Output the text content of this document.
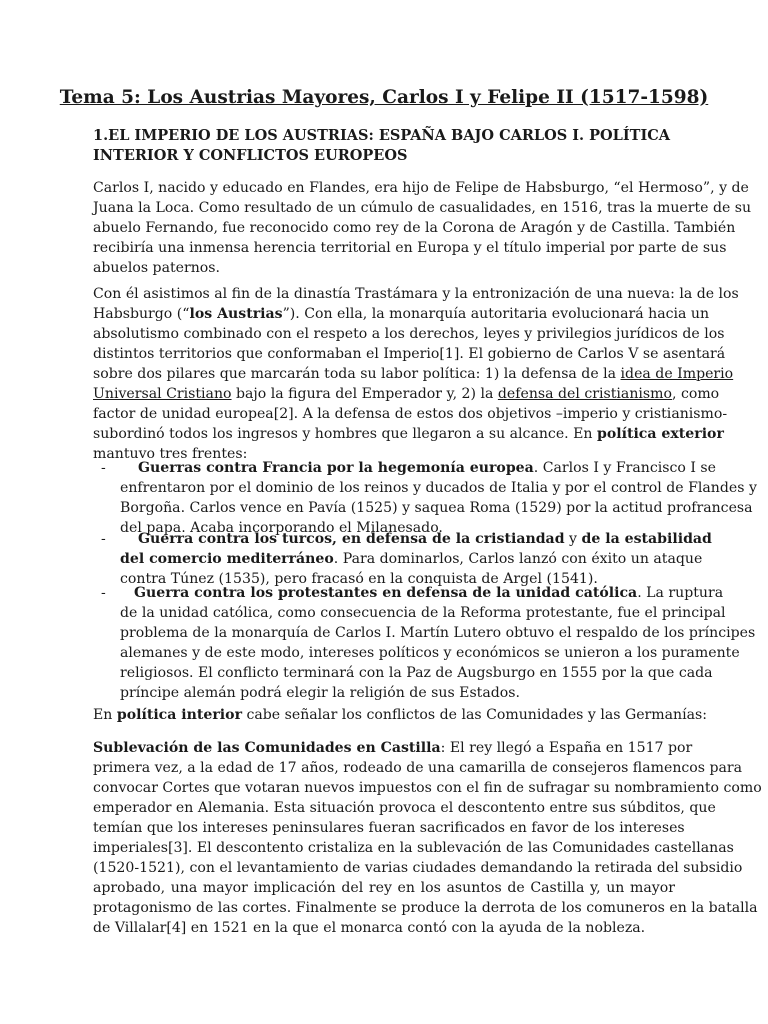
Tema 5: Los Austrias Mayores, Carlos I y Felipe II (1517-1598)
1.EL IMPERIO DE LOS AUSTRIAS: ESPAÑA BAJO CARLOS I. POLÍTICA
INTERIOR Y CONFLICTOS EUROPEOS
Carlos I, nacido y educado en Flandes, era hijo de Felipe de Habsburgo, “el Hermoso”, y de
Juana la Loca. Como resultado de un cúmulo de casualidades, en 1516, tras la muerte de su
abuelo Fernando, fue reconocido como rey de la Corona de Aragón y de Castilla. También
recibiría una inmensa herencia territorial en Europa y el título imperial por parte de sus
abuelos paternos.
Con él asistimos al fin de la dinastía Trastámara y la entronización de una nueva: la de los
Habsburgo (“los Austrias”). Con ella, la monarquía autoritaria evolucionará hacia un
absolutismo combinado con el respeto a los derechos, leyes y privilegios jurídicos de los
distintos territorios que conformaban el Imperio[1]. El gobierno de Carlos V se asentará
sobre dos pilares que marcarán toda su labor política: 1) la defensa de la idea de Imperio
Universal Cristiano bajo la figura del Emperador y, 2) la defensa del cristianismo, como
factor de unidad europea[2]. A la defensa de estos dos objetivos –imperio y cristianismo-
subordinó todos los ingresos y hombres que llegaron a su alcance. En política exterior
mantuvo tres frentes:
- Guerras contra Francia por la hegemonía europea. Carlos I y Francisco I se
enfrentaron por el dominio de los reinos y ducados de Italia y por el control de Flandes y
Borgoña. Carlos vence en Pavía (1525) y saquea Roma (1529) por la actitud profrancesa
del papa. Acaba incorporando el Milanesado.
- Guerra contra los turcos, en defensa de la cristiandad y de la estabilidad
del comercio mediterráneo. Para dominarlos, Carlos lanzó con éxito un ataque
contra Túnez (1535), pero fracasó en la conquista de Argel (1541).
- Guerra contra los protestantes en defensa de la unidad católica. La ruptura
de la unidad católica, como consecuencia de la Reforma protestante, fue el principal
problema de la monarquía de Carlos I. Martín Lutero obtuvo el respaldo de los príncipes
alemanes y de este modo, intereses políticos y económicos se unieron a los puramente
religiosos. El conflicto terminará con la Paz de Augsburgo en 1555 por la que cada
príncipe alemán podrá elegir la religión de sus Estados.
En política interior cabe señalar los conflictos de las Comunidades y las Germanías:
Sublevación de las Comunidades en Castilla: El rey llegó a España en 1517 por
primera vez, a la edad de 17 años, rodeado de una camarilla de consejeros flamencos para
convocar Cortes que votaran nuevos impuestos con el fin de sufragar su nombramiento como
emperador en Alemania. Esta situación provoca el descontento entre sus súbditos, que
temían que los intereses peninsulares fueran sacrificados en favor de los intereses
imperiales[3]. El descontento cristaliza en la sublevación de las Comunidades castellanas
(1520-1521), con el levantamiento de varias ciudades demandando la retirada del subsidio
aprobado, una mayor implicación del rey en los asuntos de Castilla y, un mayor
protagonismo de las cortes. Finalmente se produce la derrota de los comuneros en la batalla
de Villalar[4] en 1521 en la que el monarca contó con la ayuda de la nobleza.
